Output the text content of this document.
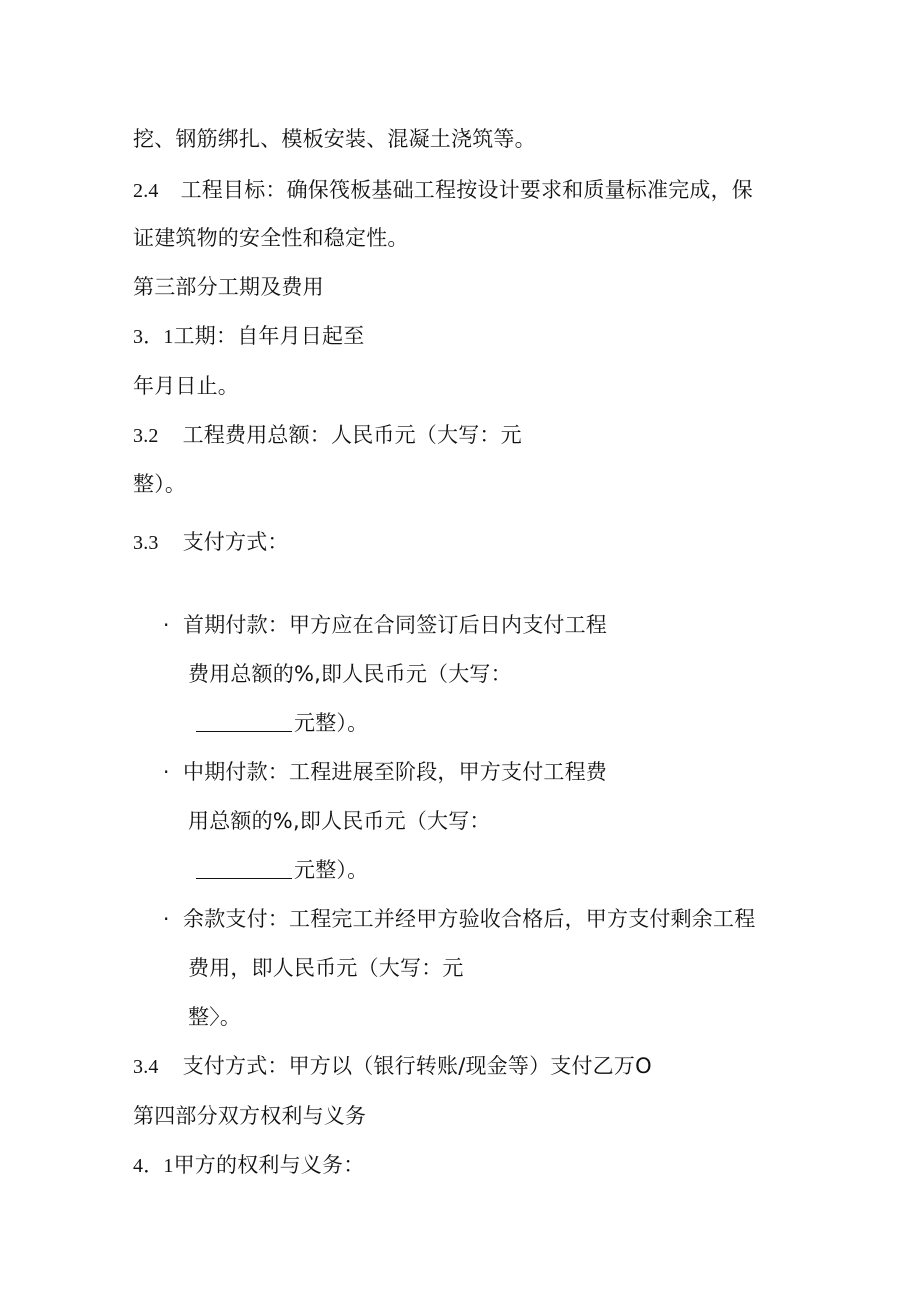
挖、钢筋绑扎、模板安装、混凝土浇筑等。
2.4 工程目标：确保筏板基础工程按设计要求和质量标准完成，保
证建筑物的安全性和稳定性。
第三部分工期及费用
3．1工期：自年月日起至
年月日止。
3.2 工程费用总额：人民币元（大写：元
整）。
3.3 支付方式：
· 首期付款：甲方应在合同签订后日内支付工程
费用总额的%,即人民币元（大写：
元整）。
· 中期付款：工程进展至阶段，甲方支付工程费
用总额的%,即人民币元（大写：
元整）。
· 余款支付：工程完工并经甲方验收合格后，甲方支付剩余工程
费用，即人民币元（大写：元
整〉。
3.4 支付方式：甲方以（银行转账/现金等）支付乙万O
第四部分双方权利与义务
4．1甲方的权利与义务：
